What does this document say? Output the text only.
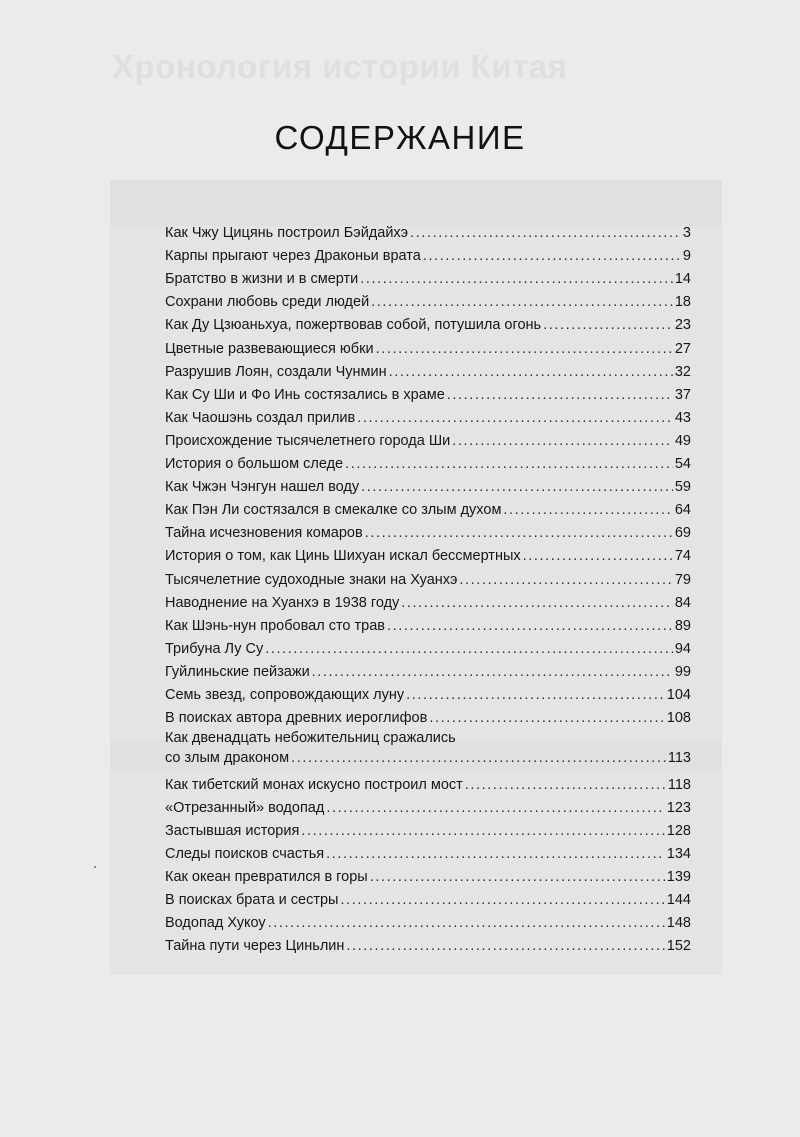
Хронология истории Китая
СОДЕРЖАНИЕ
Как Чжу Цицянь построил Бэйдайхэ .....	3
Карпы прыгают через Драконьи врата .....	9
Братство в жизни и в смерти .....	14
Сохрани любовь среди людей .....	18
Как Ду Цзюаньхуа, пожертвовав собой, потушила огонь .....	23
Цветные развевающиеся юбки .....	27
Разрушив Лоян, создали Чунмин .....	32
Как Су Ши и Фо Инь состязались в храме .....	37
Как Чаошэнь создал прилив .....	43
Происхождение тысячелетнего города Ши .....	49
История о большом следе .....	54
Как Чжэн Чэнгун нашел воду .....	59
Как Пэн Ли состязался в смекалке со злым духом .....	64
Тайна исчезновения комаров .....	69
История о том, как Цинь Шихуан искал бессмертных .....	74
Тысячелетние судоходные знаки на Хуанхэ .....	79
Наводнение на Хуанхэ в 1938 году .....	84
Как Шэнь-нун пробовал сто трав .....	89
Трибуна Лу Су .....	94
Гуйлиньские пейзажи .....	99
Семь звезд, сопровождающих луну .....	104
В поисках автора древних иероглифов .....	108
Как двенадцать небожительниц сражались
со злым драконом .....	113
Как тибетский монах искусно построил мост .....	118
«Отрезанный» водопад .....	123
Застывшая история .....	128
Следы поисков счастья .....	134
Как океан превратился в горы .....	139
В поисках брата и сестры .....	144
Водопад Хукоу .....	148
Тайна пути через Циньлин .....	152
